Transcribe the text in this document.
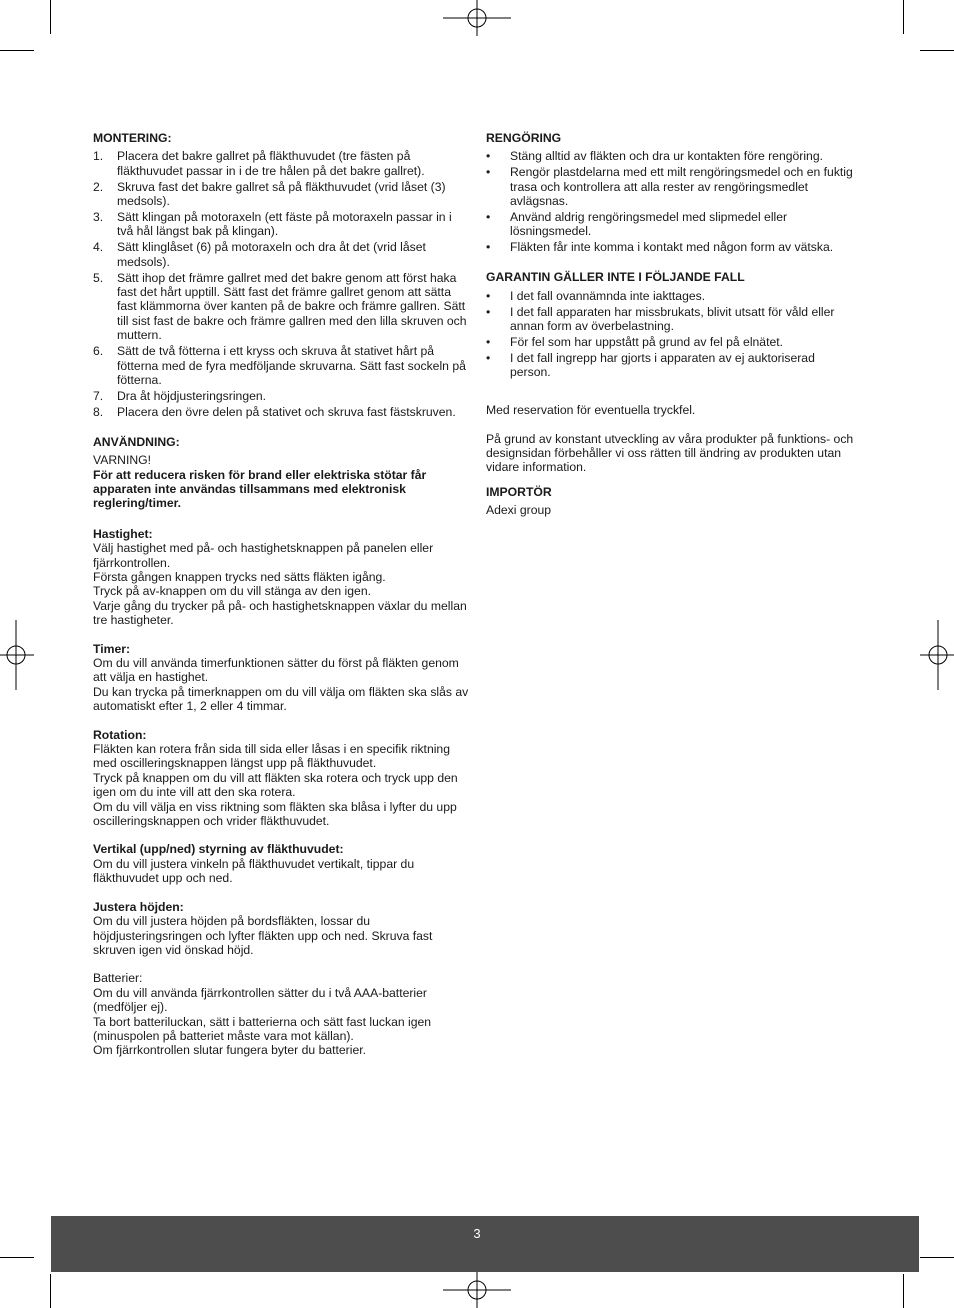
MONTERING:
1. Placera det bakre gallret på fläkthuvudet (tre fästen på fläkthuvudet passar in i de tre hålen på det bakre gallret).
2. Skruva fast det bakre gallret så på fläkthuvudet (vrid låset (3) medsols).
3. Sätt klingan på motoraxeln (ett fäste på motoraxeln passar in i två hål längst bak på klingan).
4. Sätt klinglåset (6) på motoraxeln och dra åt det (vrid låset medsols).
5. Sätt ihop det främre gallret med det bakre genom att först haka fast det hårt upptill. Sätt fast det främre gallret genom att sätta fast klämmorna över kanten på de bakre och främre gallren. Sätt till sist fast de bakre och främre gallren med den lilla skruven och muttern.
6. Sätt de två fötterna i ett kryss och skruva åt stativet hårt på fötterna med de fyra medföljande skruvarna. Sätt fast sockeln på fötterna.
7. Dra åt höjdjusteringsringen.
8. Placera den övre delen på stativet och skruva fast fästskruven.
ANVÄNDNING:

VARNING!

För att reducera risken för brand eller elektriska stötar får apparaten inte användas tillsammans med elektronisk reglering/timer.

Hastighet:

Välj hastighet med på- och hastighetsknappen på panelen eller fjärrkontrollen.

Första gången knappen trycks ned sätts fläkten igång.

Tryck på av-knappen om du vill stänga av den igen.

Varje gång du trycker på på- och hastighetsknappen växlar du mellan tre hastigheter.

Timer:

Om du vill använda timerfunktionen sätter du först på fläkten genom att välja en hastighet.

Du kan trycka på timerknappen om du vill välja om fläkten ska slås av automatiskt efter 1, 2 eller 4 timmar.

Rotation:

Fläkten kan rotera från sida till sida eller låsas i en specifik riktning med oscilleringsknappen längst upp på fläkthuvudet.

Tryck på knappen om du vill att fläkten ska rotera och tryck upp den igen om du inte vill att den ska rotera.

Om du vill välja en viss riktning som fläkten ska blåsa i lyfter du upp oscilleringsknappen och vrider fläkthuvudet.

Vertikal (upp/ned) styrning av fläkthuvudet:

Om du vill justera vinkeln på fläkthuvudet vertikalt, tippar du fläkthuvudet upp och ned.

Justera höjden:

Om du vill justera höjden på bordsfläkten, lossar du höjdjusteringsringen och lyfter fläkten upp och ned. Skruva fast skruven igen vid önskad höjd.

Batterier:

Om du vill använda fjärrkontrollen sätter du i två AAA-batterier (medföljer ej).

Ta bort batteriluckan, sätt i batterierna och sätt fast luckan igen (minuspolen på batteriet måste vara mot källan).

Om fjärrkontrollen slutar fungera byter du batterier.

RENGÖRING
• Stäng alltid av fläkten och dra ur kontakten före rengöring.
• Rengör plastdelarna med ett milt rengöringsmedel och en fuktig trasa och kontrollera att alla rester av rengöringsmedlet avlägsnas.
• Använd aldrig rengöringsmedel med slipmedel eller lösningsmedel.
• Fläkten får inte komma i kontakt med någon form av vätska.
GARANTIN GÄLLER INTE I FÖLJANDE FALL
• I det fall ovannämnda inte iakttages.
• I det fall apparaten har missbrukats, blivit utsatt för våld eller annan form av överbelastning.
• För fel som har uppstått på grund av fel på elnätet.
• I det fall ingrepp har gjorts i apparaten av ej auktoriserad person.

Med reservation för eventuella tryckfel.

På grund av konstant utveckling av våra produkter på funktions- och designsidan förbehåller vi oss rätten till ändring av produkten utan vidare information.

IMPORTÖR

Adexi group

3
